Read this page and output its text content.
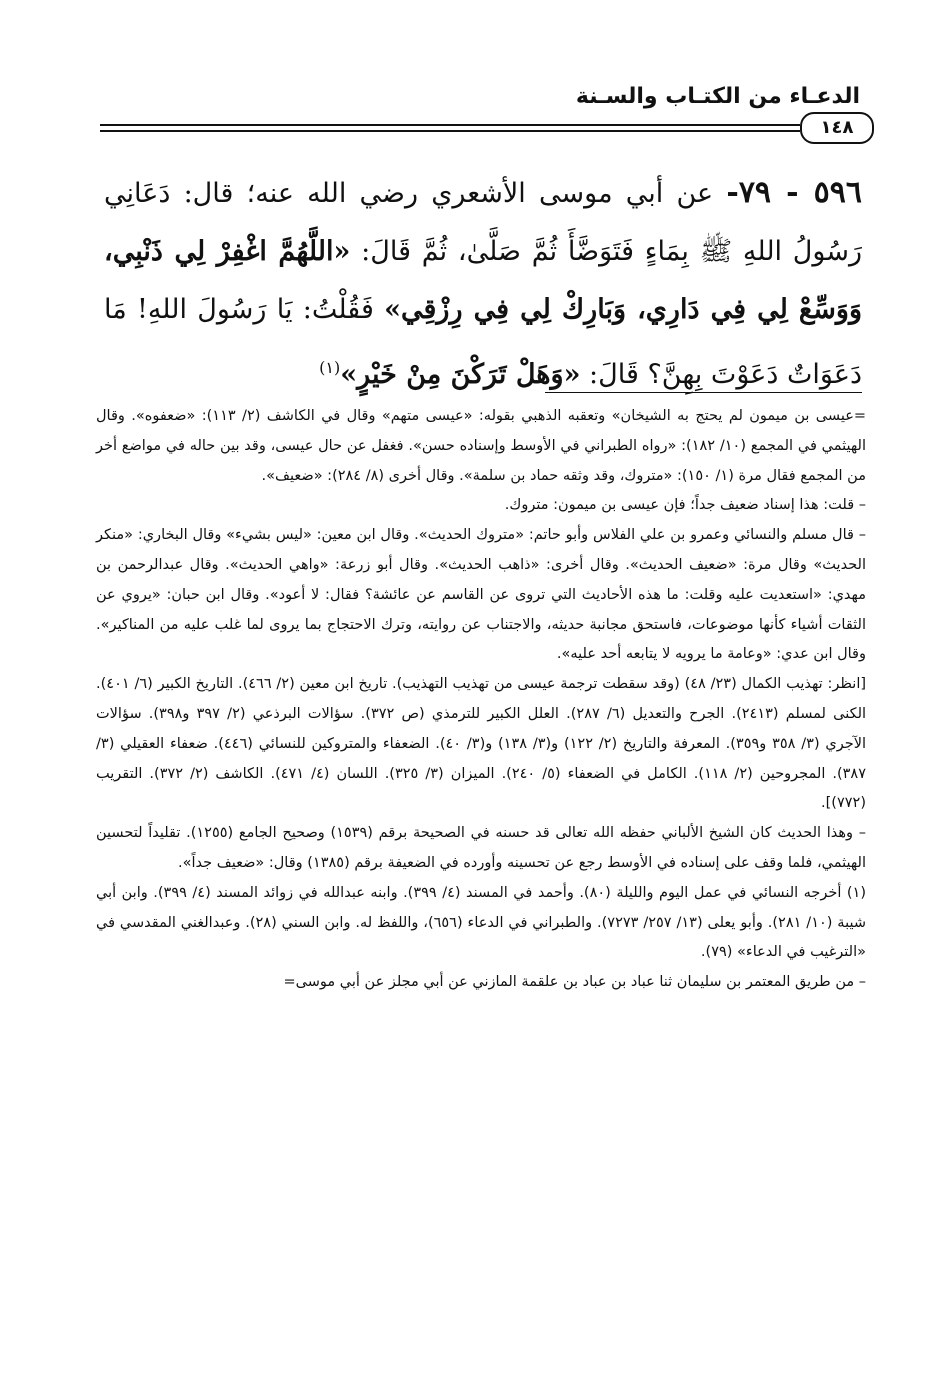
الدعـاء من الكتـاب والسـنة
١٤٨

٥٩٦ - ٧٩- عن أبي موسى الأشعري رضي الله عنه؛ قال: دَعَانِي رَسُولُ اللهِ ﷺ بِمَاءٍ فَتَوَضَّأَ ثُمَّ صَلَّىٰ، ثُمَّ قَالَ: «اللَّهُمَّ اغْفِرْ لِي ذَنْبِي، وَوَسِّعْ لِي فِي دَارِي، وَبَارِكْ لِي فِي رِزْقِي» فَقُلْتُ: يَا رَسُولَ اللهِ! مَا دَعَوَاتٌ دَعَوْتَ بِهِنَّ؟ قَالَ: «وَهَلْ تَرَكْنَ مِنْ خَيْرٍ»$^{(١)}$

=عيسى بن ميمون لم يحتج به الشيخان» وتعقبه الذهبي بقوله: «عيسى متهم» وقال في الكاشف (٢/ ١١٣): «ضعفوه». وقال الهيثمي في المجمع (١٠/ ١٨٢): «رواه الطبراني في الأوسط وإسناده حسن». فغفل عن حال عيسى، وقد بين حاله في مواضع أخر من المجمع فقال مرة (١/ ١٥٠): «متروك، وقد وثقه حماد بن سلمة». وقال أخرى (٨/ ٢٨٤): «ضعيف».

– قلت: هذا إسناد ضعيف جداً؛ فإن عيسى بن ميمون: متروك.

– قال مسلم والنسائي وعمرو بن علي الفلاس وأبو حاتم: «متروك الحديث». وقال ابن معين: «ليس بشيء» وقال البخاري: «منكر الحديث» وقال مرة: «ضعيف الحديث». وقال أخرى: «ذاهب الحديث». وقال أبو زرعة: «واهي الحديث». وقال عبدالرحمن بن مهدي: «استعديت عليه وقلت: ما هذه الأحاديث التي تروى عن القاسم عن عائشة؟ فقال: لا أعود». وقال ابن حبان: «يروي عن الثقات أشياء كأنها موضوعات، فاستحق مجانبة حديثه، والاجتناب عن روايته، وترك الاحتجاج بما يروى لما غلب عليه من المناكير». وقال ابن عدي: «وعامة ما يرويه لا يتابعه أحد عليه».

[انظر: تهذيب الكمال (٢٣/ ٤٨) (وقد سقطت ترجمة عيسى من تهذيب التهذيب). تاريخ ابن معين (٢/ ٤٦٦). التاريخ الكبير (٦/ ٤٠١). الكنى لمسلم (٢٤١٣). الجرح والتعديل (٦/ ٢٨٧). العلل الكبير للترمذي (ص ٣٧٢). سؤالات البرذعي (٢/ ٣٩٧ و٣٩٨). سؤالات الآجري (٣/ ٣٥٨ و٣٥٩). المعرفة والتاريخ (٢/ ١٢٢) و(٣/ ١٣٨) و(٣/ ٤٠). الضعفاء والمتروكين للنسائي (٤٤٦). ضعفاء العقيلي (٣/ ٣٨٧). المجروحين (٢/ ١١٨). الكامل في الضعفاء (٥/ ٢٤٠). الميزان (٣/ ٣٢٥). اللسان (٤/ ٤٧١). الكاشف (٢/ ٣٧٢). التقريب (٧٧٢)].

– وهذا الحديث كان الشيخ الألباني حفظه الله تعالى قد حسنه في الصحيحة برقم (١٥٣٩) وصحيح الجامع (١٢٥٥). تقليداً لتحسين الهيثمي، فلما وقف على إسناده في الأوسط رجع عن تحسينه وأورده في الضعيفة برقم (١٣٨٥) وقال: «ضعيف جداً».

(١) أخرجه النسائي في عمل اليوم والليلة (٨٠). وأحمد في المسند (٤/ ٣٩٩). وابنه عبدالله في زوائد المسند (٤/ ٣٩٩). وابن أبي شيبة (١٠/ ٢٨١). وأبو يعلى (١٣/ ٢٥٧/ ٧٢٧٣). والطبراني في الدعاء (٦٥٦)، واللفظ له. وابن السني (٢٨). وعبدالغني المقدسي في «الترغيب في الدعاء» (٧٩).

– من طريق المعتمر بن سليمان ثنا عباد بن عباد بن علقمة المازني عن أبي مجلز عن أبي موسى=
